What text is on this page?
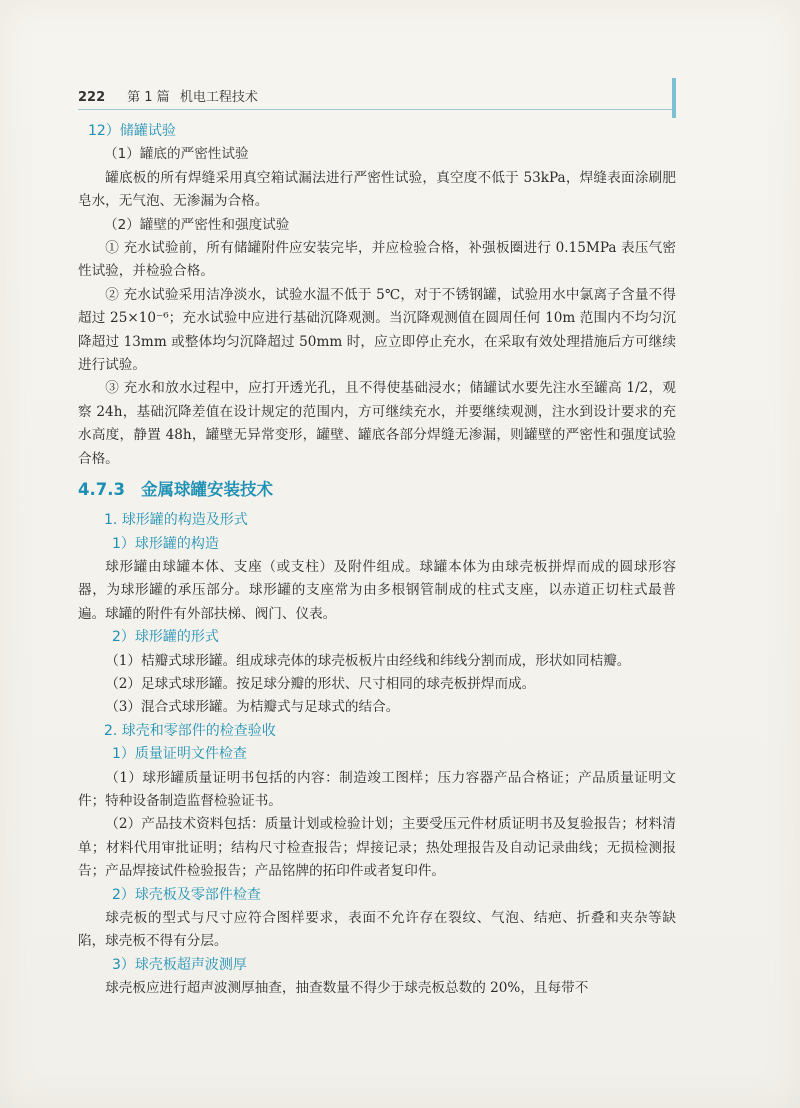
222 第 1 篇 机电工程技术

12）储罐试验

（1）罐底的严密性试验

罐底板的所有焊缝采用真空箱试漏法进行严密性试验，真空度不低于 53kPa，焊缝表面涂刷肥皂水，无气泡、无渗漏为合格。

（2）罐壁的严密性和强度试验

① 充水试验前，所有储罐附件应安装完毕，并应检验合格，补强板圈进行 0.15MPa 表压气密性试验，并检验合格。

② 充水试验采用洁净淡水，试验水温不低于 5℃，对于不锈钢罐，试验用水中氯离子含量不得超过 25×10⁻⁶；充水试验中应进行基础沉降观测。当沉降观测值在圆周任何 10m 范围内不均匀沉降超过 13mm 或整体均匀沉降超过 50mm 时，应立即停止充水，在采取有效处理措施后方可继续进行试验。

③ 充水和放水过程中，应打开透光孔，且不得使基础浸水；储罐试水要先注水至罐高 1/2，观察 24h，基础沉降差值在设计规定的范围内，方可继续充水，并要继续观测，注水到设计要求的充水高度，静置 48h，罐壁无异常变形，罐壁、罐底各部分焊缝无渗漏，则罐壁的严密性和强度试验合格。

4.7.3 金属球罐安装技术

1. 球形罐的构造及形式

1）球形罐的构造

球形罐由球罐本体、支座（或支柱）及附件组成。球罐本体为由球壳板拼焊而成的圆球形容器，为球形罐的承压部分。球形罐的支座常为由多根钢管制成的柱式支座，以赤道正切柱式最普遍。球罐的附件有外部扶梯、阀门、仪表。

2）球形罐的形式

（1）桔瓣式球形罐。组成球壳体的球壳板板片由经线和纬线分割而成，形状如同桔瓣。

（2）足球式球形罐。按足球分瓣的形状、尺寸相同的球壳板拼焊而成。

（3）混合式球形罐。为桔瓣式与足球式的结合。

2. 球壳和零部件的检查验收

1）质量证明文件检查

（1）球形罐质量证明书包括的内容：制造竣工图样；压力容器产品合格证；产品质量证明文件；特种设备制造监督检验证书。

（2）产品技术资料包括：质量计划或检验计划；主要受压元件材质证明书及复验报告；材料清单；材料代用审批证明；结构尺寸检查报告；焊接记录；热处理报告及自动记录曲线；无损检测报告；产品焊接试件检验报告；产品铭牌的拓印件或者复印件。

2）球壳板及零部件检查

球壳板的型式与尺寸应符合图样要求，表面不允许存在裂纹、气泡、结疤、折叠和夹杂等缺陷，球壳板不得有分层。

3）球壳板超声波测厚

球壳板应进行超声波测厚抽查，抽查数量不得少于球壳板总数的 20%，且每带不
